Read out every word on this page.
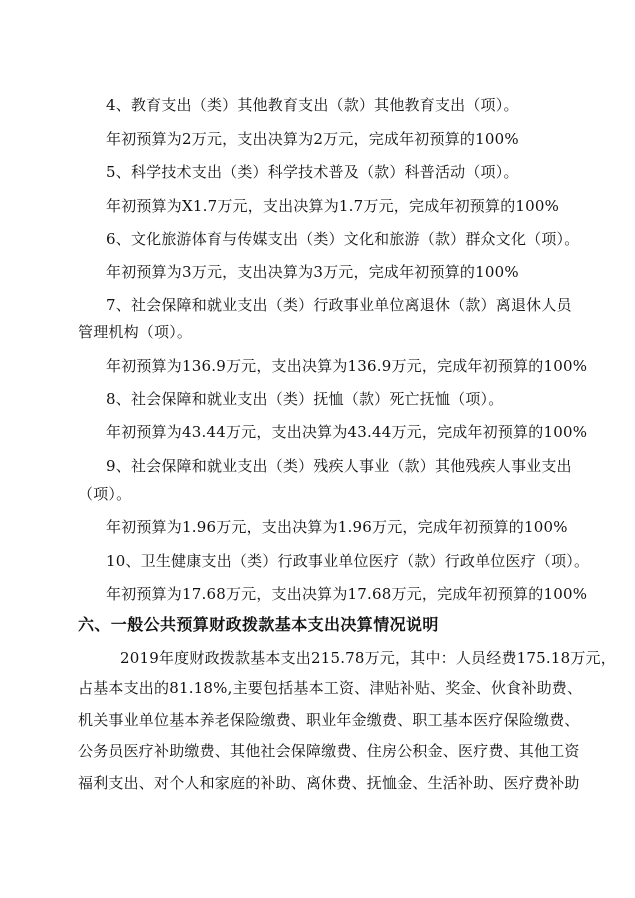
4、教育支出（类）其他教育支出（款）其他教育支出（项）。
年初预算为2万元，支出决算为2万元，完成年初预算的100%
5、科学技术支出（类）科学技术普及（款）科普活动（项）。
年初预算为X1.7万元，支出决算为1.7万元，完成年初预算的100%
6、文化旅游体育与传媒支出（类）文化和旅游（款）群众文化（项）。
年初预算为3万元，支出决算为3万元，完成年初预算的100%
7、社会保障和就业支出（类）行政事业单位离退休（款）离退休人员
管理机构（项）。
年初预算为136.9万元，支出决算为136.9万元，完成年初预算的100%
8、社会保障和就业支出（类）抚恤（款）死亡抚恤（项）。
年初预算为43.44万元，支出决算为43.44万元，完成年初预算的100%
9、社会保障和就业支出（类）残疾人事业（款）其他残疾人事业支出
（项）。
年初预算为1.96万元，支出决算为1.96万元，完成年初预算的100%
10、卫生健康支出（类）行政事业单位医疗（款）行政单位医疗（项）。
年初预算为17.68万元，支出决算为17.68万元，完成年初预算的100%
六、一般公共预算财政拨款基本支出决算情况说明
2019年度财政拨款基本支出215.78万元，其中：人员经费175.18万元，
占基本支出的81.18%,主要包括基本工资、津贴补贴、奖金、伙食补助费、
机关事业单位基本养老保险缴费、职业年金缴费、职工基本医疗保险缴费、
公务员医疗补助缴费、其他社会保障缴费、住房公积金、医疗费、其他工资
福利支出、对个人和家庭的补助、离休费、抚恤金、生活补助、医疗费补助
